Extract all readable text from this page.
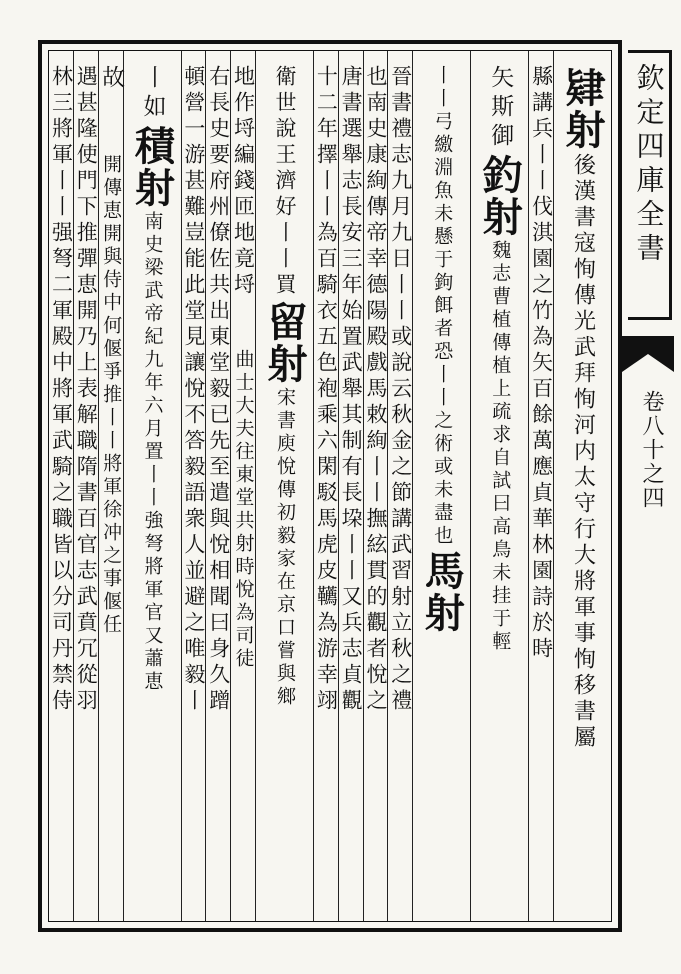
肄射
後漢書寇恂傳光武拜恂河内太守行大將軍事恂移書屬
縣講兵丨丨伐淇園之竹為矢百餘萬應貞華林園詩於時
矢斯御
釣射
魏志曹植傳植上疏求自試曰高鳥未挂于輕
丨丨弓
繳淵魚未懸于鉤餌者恐丨丨之術或未盡也
馬射
晉書禮志九月九日丨丨或說云秋金之節講武習射立秋之禮
也南史康絢傳帝幸德陽殿戲馬敕絢丨丨撫絃貫的觀者悅之
唐書選舉志長安三年始置武舉其制有長垜丨丨又兵志貞觀
十二年擇丨丨為百騎衣五色袍乘六閑駁馬虎皮韉為游幸翊
衛世說王濟好丨丨買
留射
宋書庾悅傳初毅家在京口嘗與鄉
地作埒編錢匝地竟埒
曲士大夫往東堂共射時悅為司徒
右長史要府州僚佐共出東堂毅已先至遣與悅相聞曰身久蹭
頓營一游甚難豈能此堂見讓悅不答毅語衆人並避之唯毅丨
丨如
積射
南史梁武帝紀九年六月置丨丨強弩將軍官又蕭恵
故
開傳恵開與侍中何偃爭推丨丨將軍徐冲之事偃任
遇甚隆使門下推彈恵開乃上表解職隋書百官志武賁冗從羽
林三將軍丨丨强弩二軍殿中將軍武騎之職皆以分司丹禁侍	欽定四庫全書
卷八十之四
